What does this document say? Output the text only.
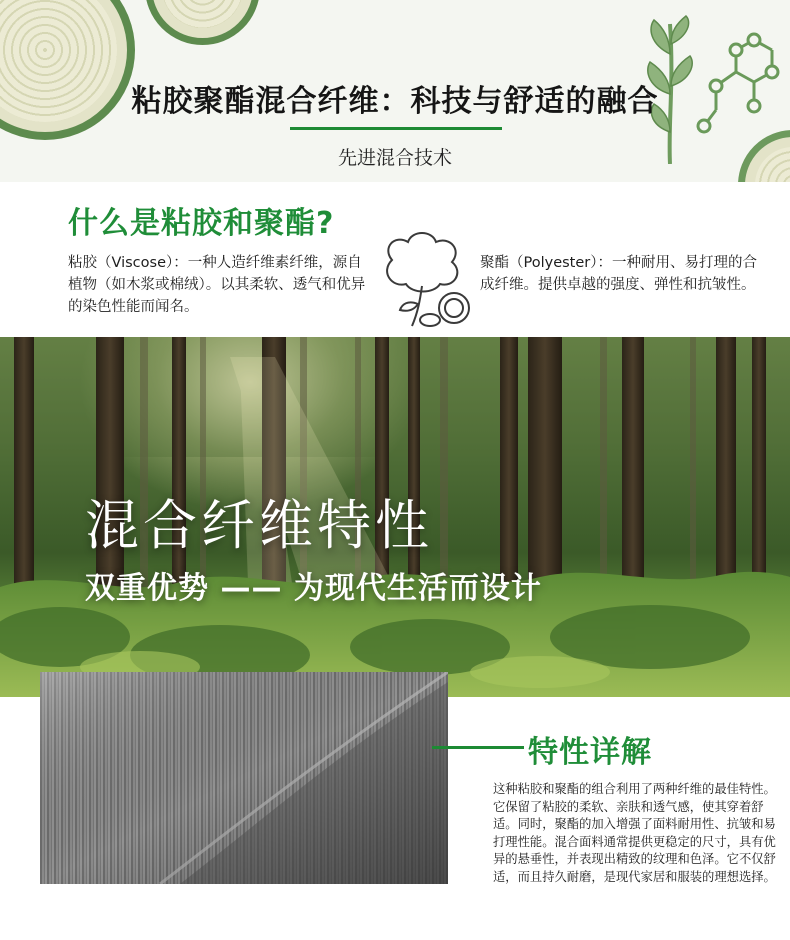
粘胶聚酯混合纤维：科技与舒适的融合
先进混合技术
什么是粘胶和聚酯?
粘胶（Viscose）：一种人造纤维素纤维，源自植物（如木浆或棉绒）。以其柔软、透气和优异的染色性能而闻名。
聚酯（Polyester）：一种耐用、易打理的合成纤维。提供卓越的强度、弹性和抗皱性。
混合纤维特性
双重优势 —— 为现代生活而设计
特性详解
这种粘胶和聚酯的组合利用了两种纤维的最佳特性。它保留了粘胶的柔软、亲肤和透气感，使其穿着舒适。同时，聚酯的加入增强了面料耐用性、抗皱和易打理性能。混合面料通常提供更稳定的尺寸，具有优异的悬垂性，并表现出精致的纹理和色泽。它不仅舒适，而且持久耐磨，是现代家居和服装的理想选择。
